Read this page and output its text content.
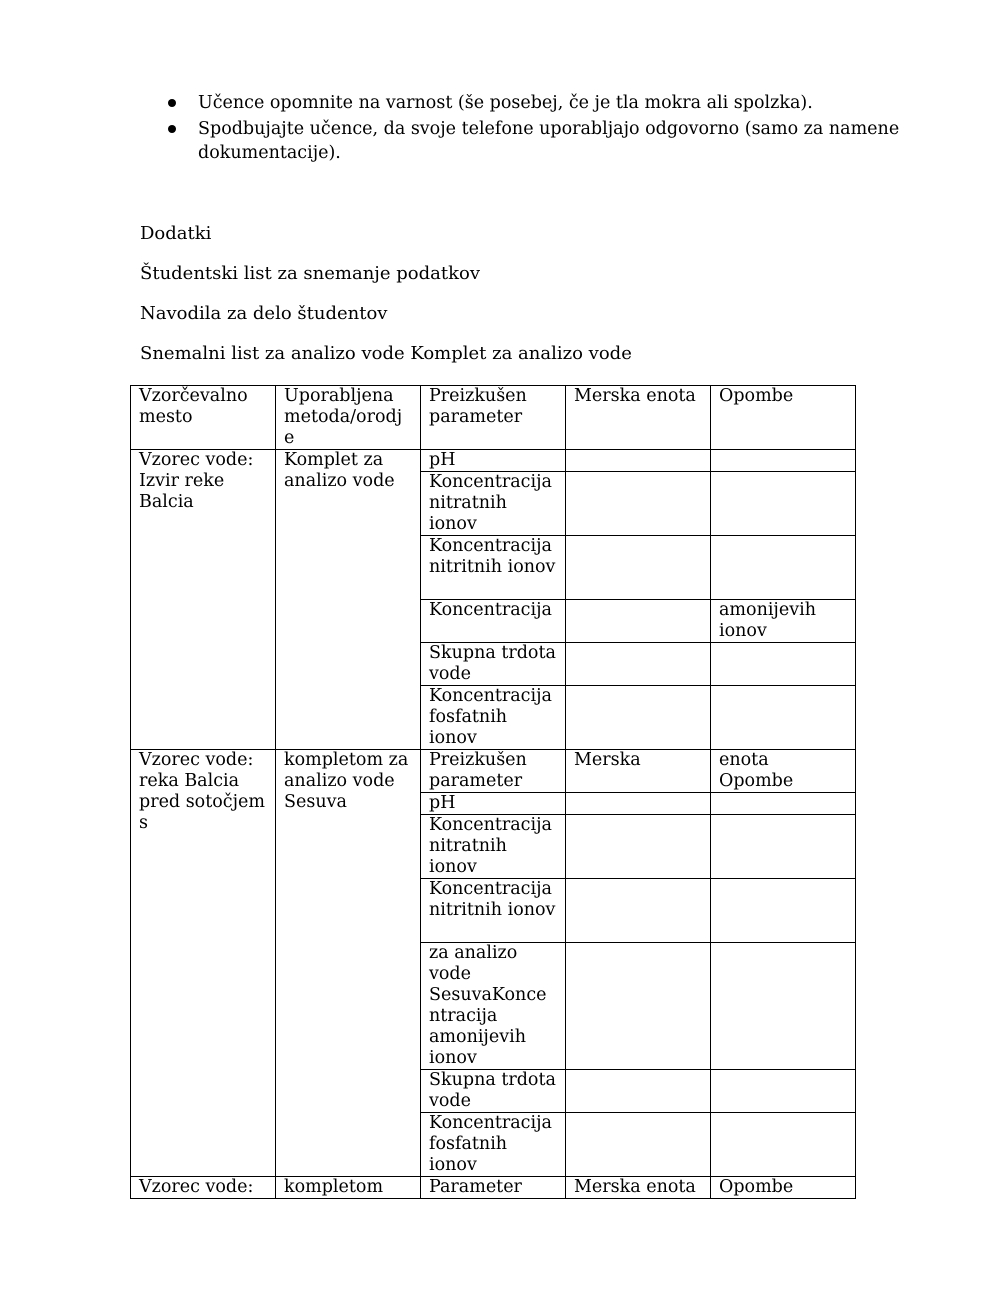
Učence opomnite na varnost (še posebej, če je tla mokra ali spolzka).
Spodbujajte učence, da svoje telefone uporabljajo odgovorno (samo za namene dokumentacije).

Dodatki

Študentski list za snemanje podatkov

Navodila za delo študentov

Snemalni list za analizo vode Komplet za analizo vode

Vzorčevalno mesto	Uporabljena metoda/orodje	Preizkušen parameter	Merska enota	Opombe
Vzorec vode: Izvir reke Balcia	Komplet za analizo vode	pH		
		Koncentracija nitratnih ionov		
		Koncentracija nitritnih ionov		
		Koncentracija		amonijevih ionov
		Skupna trdota vode		
		Koncentracija fosfatnih ionov		
Vzorec vode: reka Balcia pred sotočjem s	kompletom za analizo vode Sesuva	Preizkušen parameter	Merska	enota Opombe
		pH		
		Koncentracija nitratnih ionov		
		Koncentracija nitritnih ionov		
		za analizo vode SesuvaKoncentracija amonijevih ionov		
		Skupna trdota vode		
		Koncentracija fosfatnih ionov		
Vzorec vode:	kompletom	Parameter	Merska enota	Opombe
